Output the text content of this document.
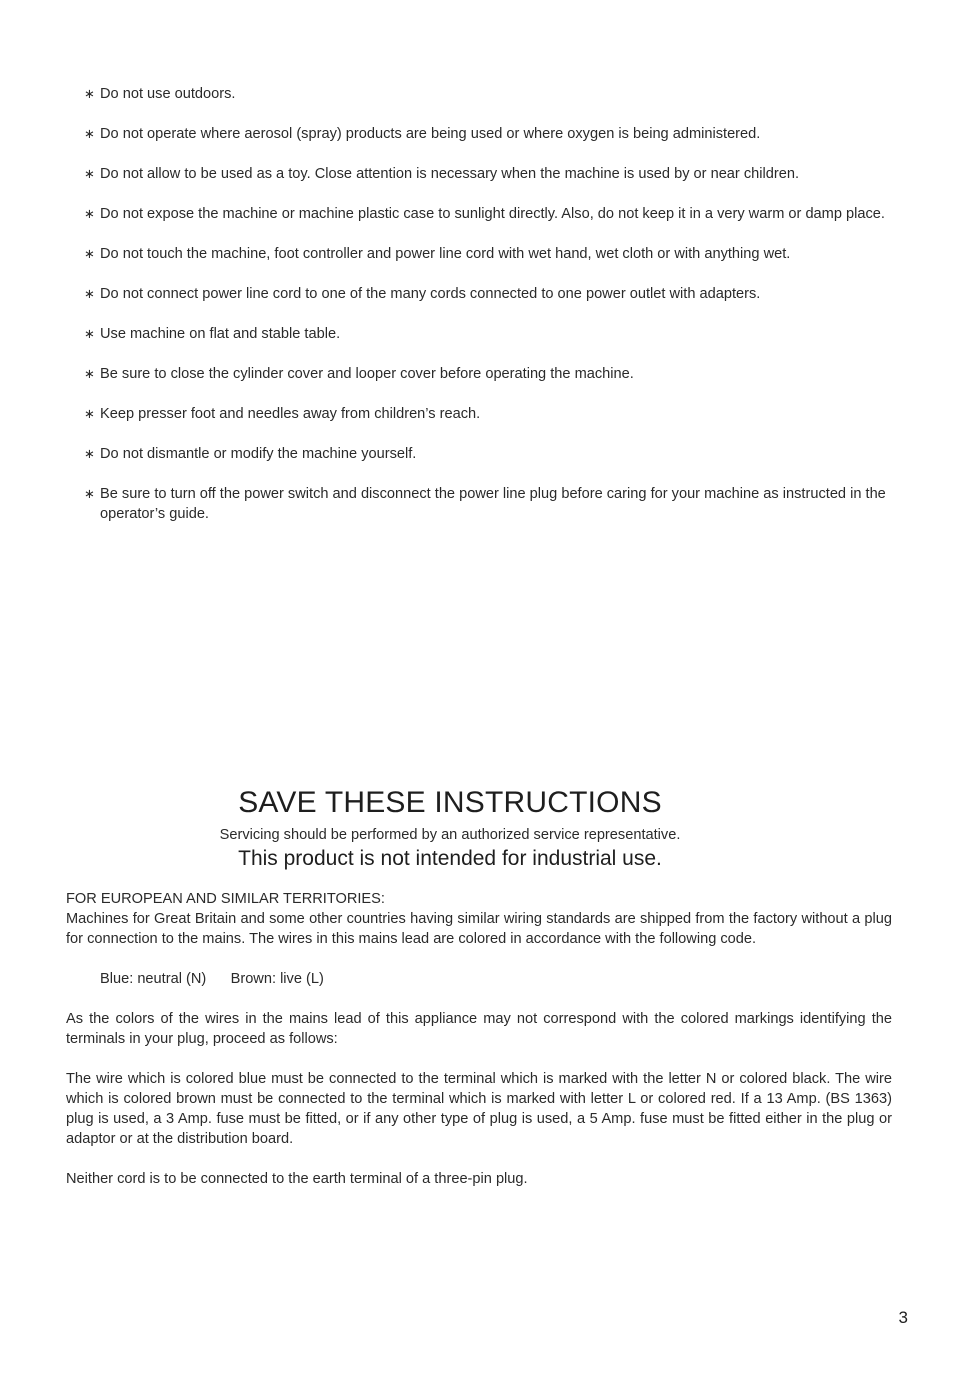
∗ Do not use outdoors.
∗ Do not operate where aerosol (spray) products are being used or where oxygen is being administered.
∗ Do not allow to be used as a toy. Close attention is necessary when the machine is used by or near children.
∗ Do not expose the machine or machine plastic case to sunlight directly. Also, do not keep it in a very warm or damp place.
∗ Do not touch the machine, foot controller and power line cord with wet hand, wet cloth or with anything wet.
∗ Do not connect power line cord to one of the many cords connected to one power outlet with adapters.
∗ Use machine on flat and stable table.
∗ Be sure to close the cylinder cover and looper cover before operating the machine.
∗ Keep presser foot and needles away from children’s reach.
∗ Do not dismantle or modify the machine yourself.
∗ Be sure to turn off the power switch and disconnect the power line plug before caring for your machine as instructed in the operator’s guide.
SAVE THESE INSTRUCTIONS

Servicing should be performed by an authorized service representative.

This product is not intended for industrial use.

FOR EUROPEAN AND SIMILAR TERRITORIES:

Machines for Great Britain and some other countries having similar wiring standards are shipped from the factory without a plug for connection to the mains. The wires in this mains lead are colored in accordance with the following code.

Blue: neutral (N) Brown: live (L)

As the colors of the wires in the mains lead of this appliance may not correspond with the colored markings identifying the terminals in your plug, proceed as follows:

The wire which is colored blue must be connected to the terminal which is marked with the letter N or colored black. The wire which is colored brown must be connected to the terminal which is marked with letter L or colored red. If a 13 Amp. (BS 1363) plug is used, a 3 Amp. fuse must be fitted, or if any other type of plug is used, a 5 Amp. fuse must be fitted either in the plug or adaptor or at the distribution board.

Neither cord is to be connected to the earth terminal of a three-pin plug.

3
